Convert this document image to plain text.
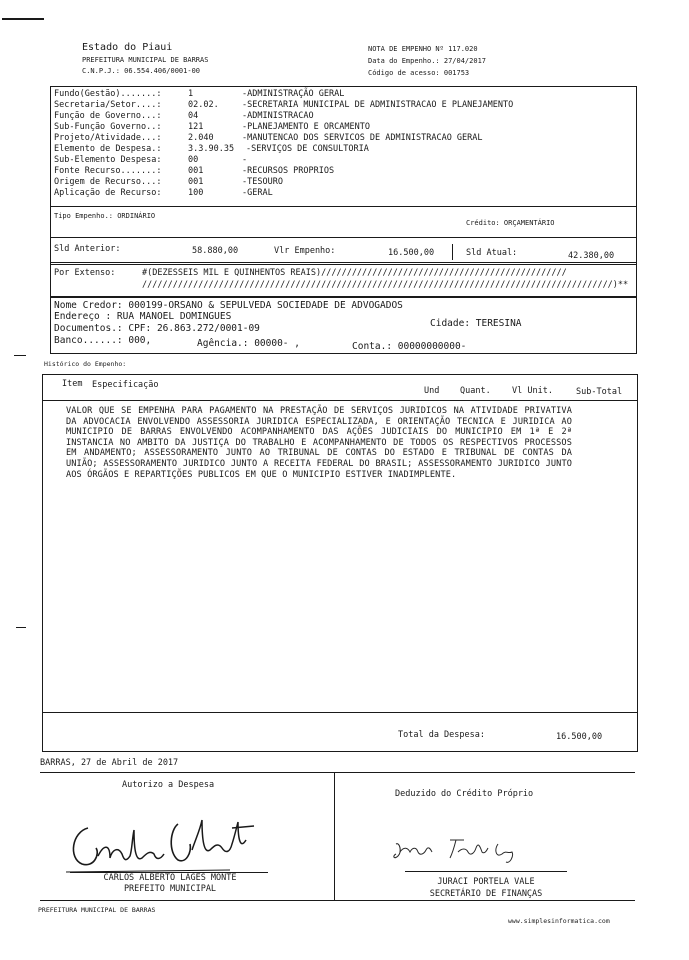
Estado do Piaui
PREFEITURA MUNICIPAL DE BARRAS
C.N.P.J.: 06.554.406/0001-00
NOTA DE EMPENHO Nº 117.020
Data do Empenho.: 27/04/2017
Código de acesso: 001753
Fundo(Gestão).......:	1	-ADMINISTRAÇÃO GERAL
Secretaria/Setor....:	02.02.	-SECRETARIA MUNICIPAL DE ADMINISTRACAO E PLANEJAMENTO
Função de Governo...:	04	-ADMINISTRACAO
Sub-Função Governo..:	121	-PLANEJAMENTO E ORCAMENTO
Projeto/Atividade...:	2.040	-MANUTENCAO DOS SERVICOS DE ADMINISTRACAO GERAL
Elemento de Despesa.:	3.3.90.35 -SERVIÇOS DE CONSULTORIA
Sub-Elemento Despesa:	00	-
Fonte Recurso.......:	001	-RECURSOS PROPRIOS
Origem de Recurso...:	001	-TESOURO
Aplicação de Recurso:	100	-GERAL
Tipo Empenho.: ORDINÁRIO
Crédito: ORÇAMENTÁRIO
Sld Anterior:	58.880,00	Vlr Empenho:	16.500,00	Sld Atual:	42.380,00
Por Extenso:	#(DEZESSEIS MIL E QUINHENTOS REAIS)////////////////////////////////////////////////
////////////////////////////////////////////////////////////////////////////////////////////)**
Nome Credor: 000199-ORSANO & SEPULVEDA SOCIEDADE DE ADVOGADOS
Endereço : RUA MANOEL DOMINGUES
Cidade: TERESINA
Documentos.: CPF: 26.863.272/0001-09
Banco......: 000,	Agência.: 00000- ,	Conta.: 00000000000-
Histórico do Empenho:
Item Especificação
Und Quant.	Vl Unit.	Sub-Total
VALOR QUE SE EMPENHA PARA PAGAMENTO NA PRESTAÇÃO DE SERVIÇOS JURIDICOS NA ATIVIDADE PRIVATIVA DA ADVOCACIA ENVOLVENDO ASSESSORIA JURIDICA ESPECIALIZADA, E ORIENTAÇÃO TECNICA E JURIDICA AO MUNICIPIO DE BARRAS ENVOLVENDO ACOMPANHAMENTO DAS AÇÕES JUDICIAIS DO MUNICIPIO EM 1ª E 2ª INSTANCIA NO AMBITO DA JUSTIÇA DO TRABALHO E ACOMPANHAMENTO DE TODOS OS RESPECTIVOS PROCESSOS EM ANDAMENTO; ASSESSORAMENTO JUNTO AO TRIBUNAL DE CONTAS DO ESTADO E TRIBUNAL DE CONTAS DA UNIÃO; ASSESSORAMENTO JURIDICO JUNTO A RECEITA FEDERAL DO BRASIL; ASSESSORAMENTO JURIDICO JUNTO AOS ÓRGÃOS E REPARTIÇÕES PUBLICOS EM QUE O MUNICIPIO ESTIVER INADIMPLENTE.
Total da Despesa:	16.500,00
BARRAS, 27 de Abril de 2017
Autorizo a Despesa
Deduzido do Crédito Próprio
CARLOS ALBERTO LAGES MONTE
PREFEITO MUNICIPAL
JURACI PORTELA VALE
SECRETÁRIO DE FINANÇAS
PREFEITURA MUNICIPAL DE BARRAS
www.simplesinformatica.com
